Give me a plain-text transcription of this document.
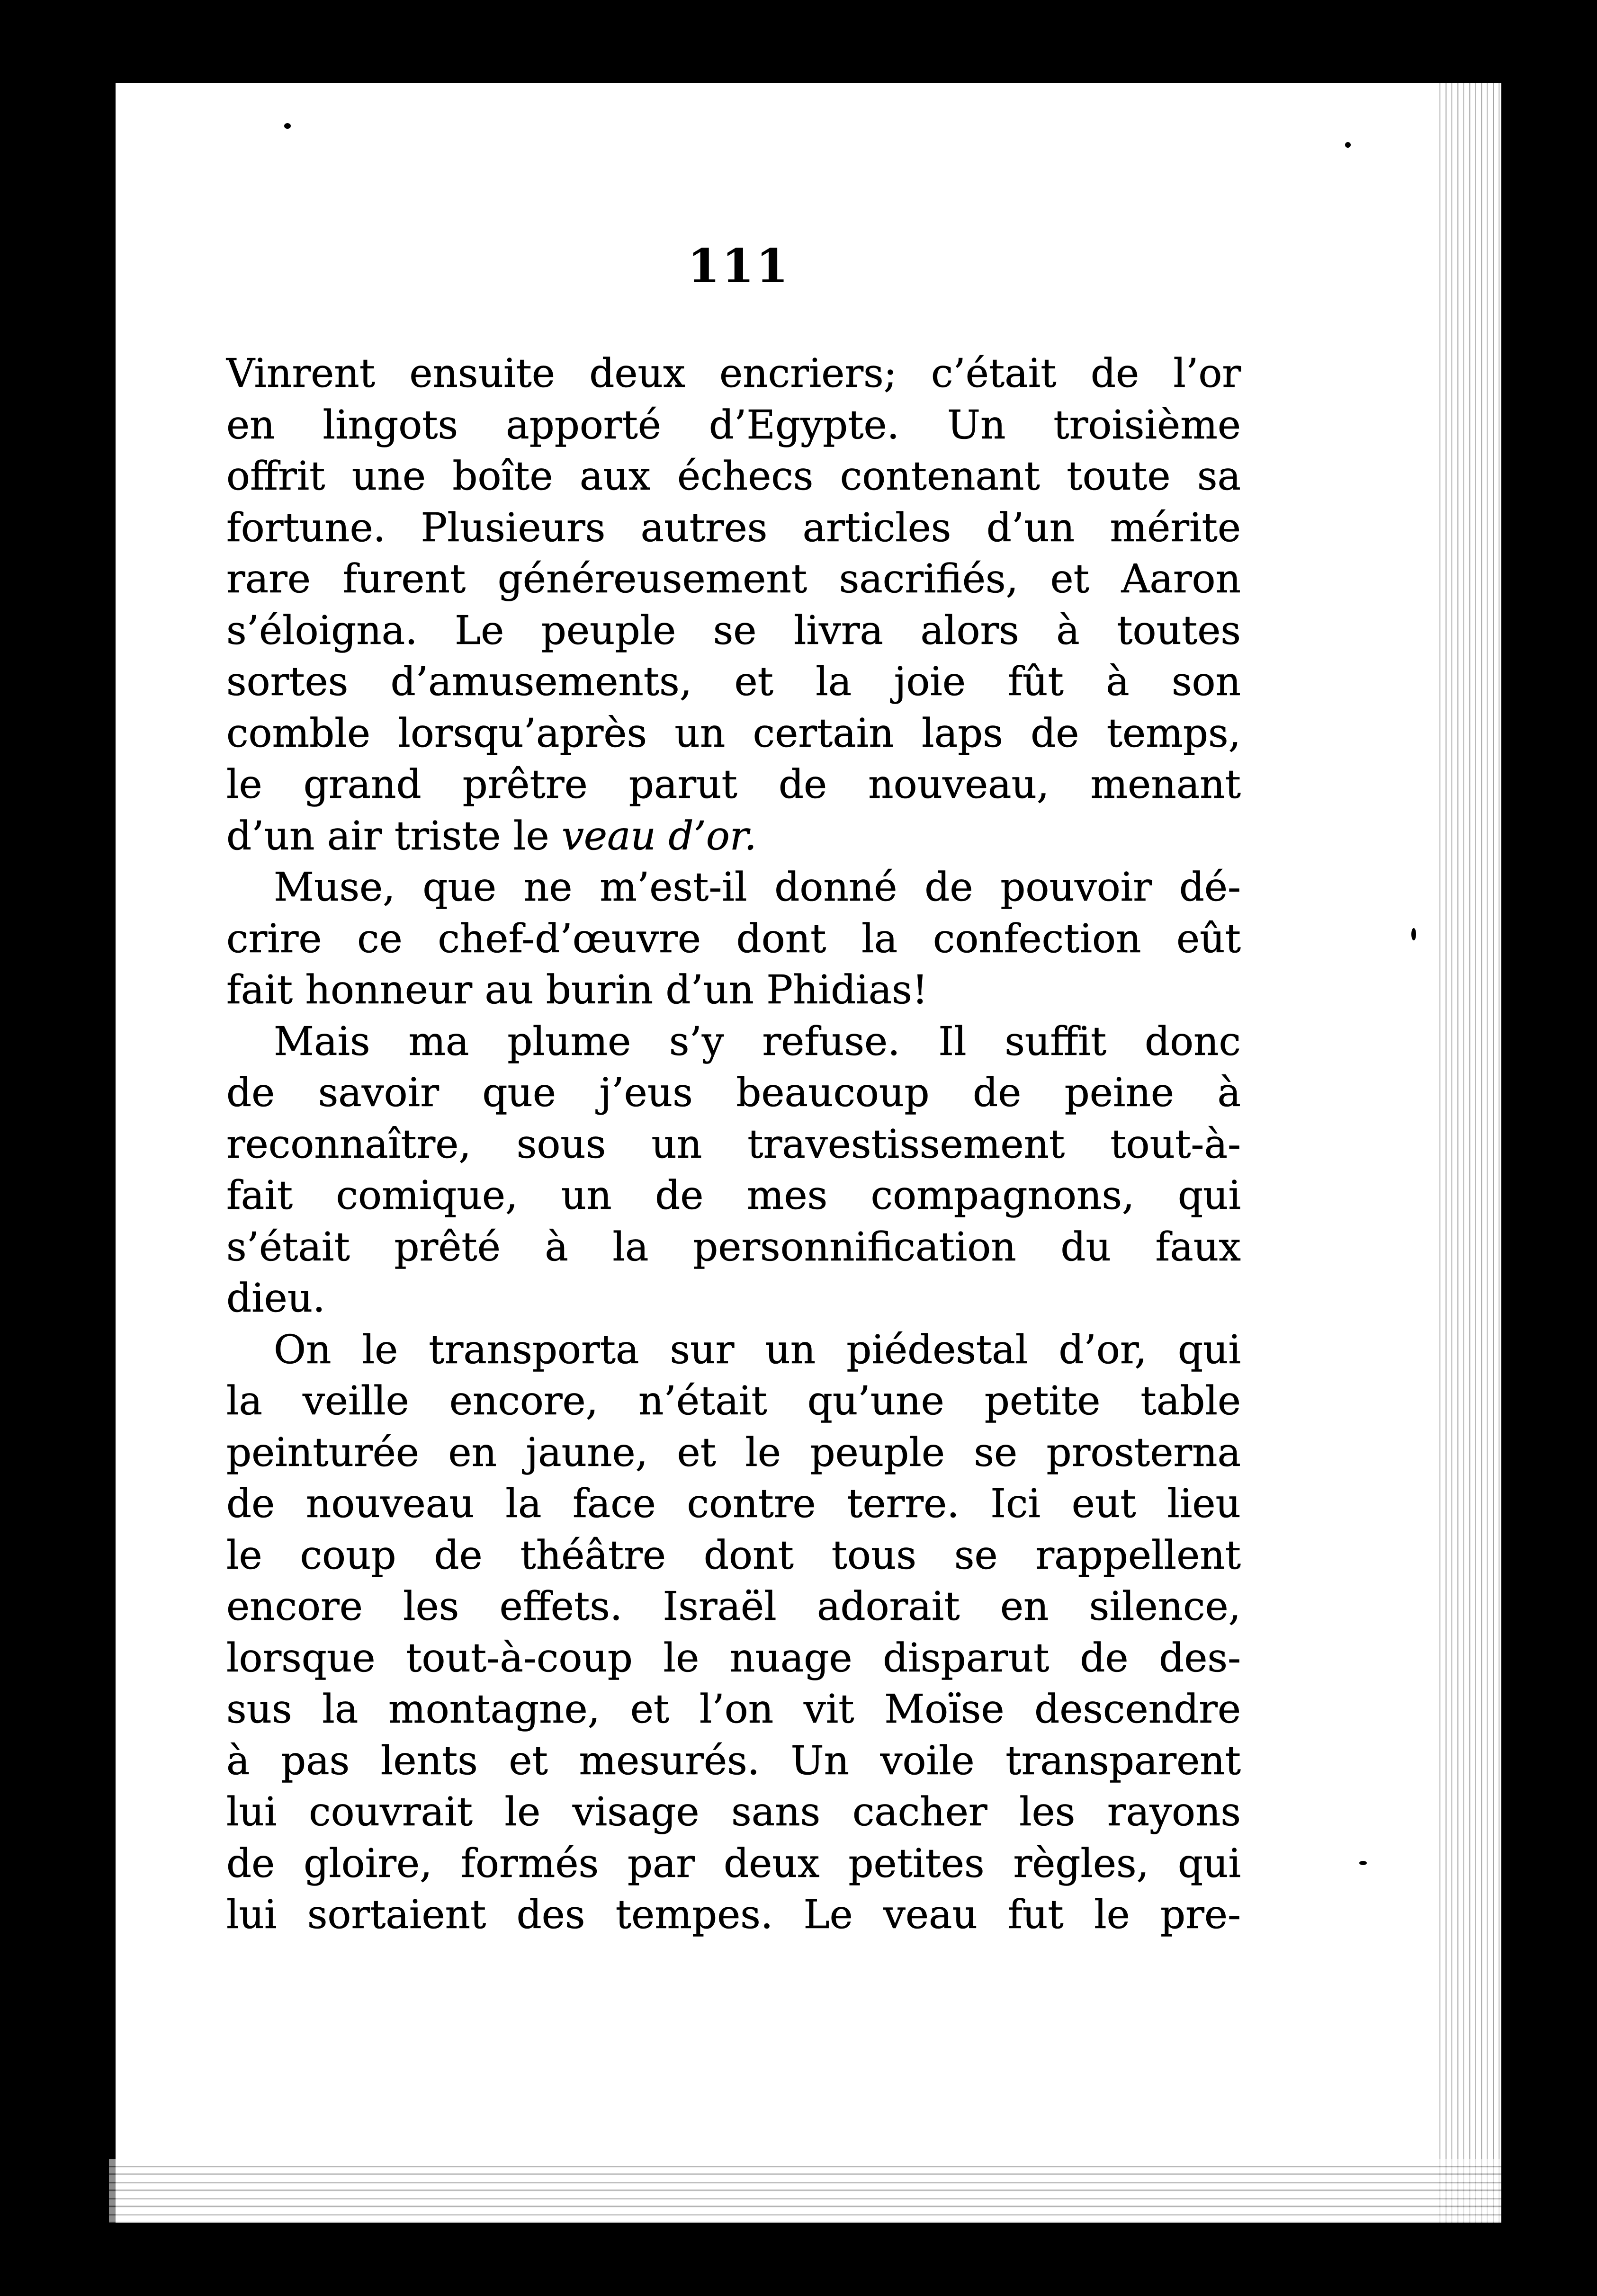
111
Vinrent ensuite deux encriers; c’était de l’or
en lingots apporté d’Egypte. Un troisième
offrit une boîte aux échecs contenant toute sa
fortune. Plusieurs autres articles d’un mérite
rare furent généreusement sacrifiés, et Aaron
s’éloigna. Le peuple se livra alors à toutes
sortes d’amusements, et la joie fût à son
comble lorsqu’après un certain laps de temps,
le grand prêtre parut de nouveau, menant
d’un air triste le veau d’or.
Muse, que ne m’est-il donné de pouvoir dé-
crire ce chef-d’œuvre dont la confection eût
fait honneur au burin d’un Phidias!
Mais ma plume s’y refuse. Il suffit donc
de savoir que j’eus beaucoup de peine à
reconnaître, sous un travestissement tout-à-
fait comique, un de mes compagnons, qui
s’était prêté à la personnification du faux
dieu.
On le transporta sur un piédestal d’or, qui
la veille encore, n’était qu’une petite table
peinturée en jaune, et le peuple se prosterna
de nouveau la face contre terre. Ici eut lieu
le coup de théâtre dont tous se rappellent
encore les effets. Israël adorait en silence,
lorsque tout-à-coup le nuage disparut de des-
sus la montagne, et l’on vit Moïse descendre
à pas lents et mesurés. Un voile transparent
lui couvrait le visage sans cacher les rayons
de gloire, formés par deux petites règles, qui
lui sortaient des tempes. Le veau fut le pre-
